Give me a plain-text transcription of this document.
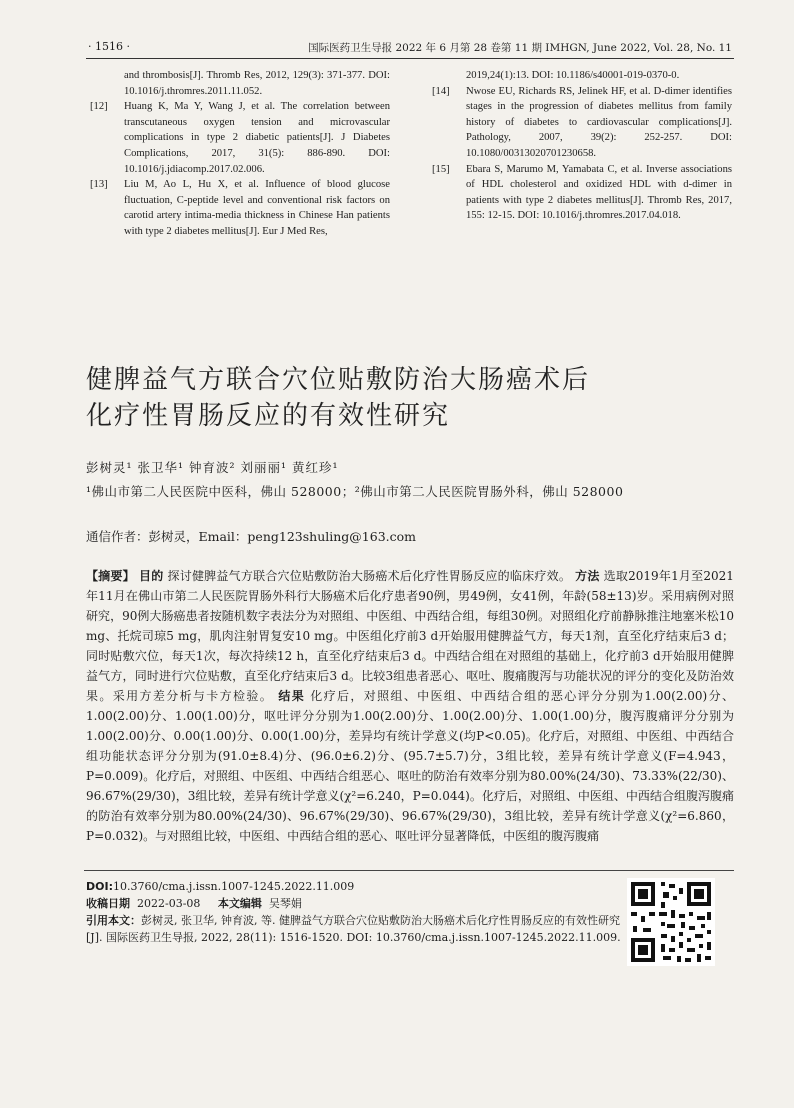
· 1516 ·	国际医药卫生导报 2022 年 6 月第 28 卷第 11 期 IMHGN, June 2022, Vol. 28, No. 11
and thrombosis[J]. Thromb Res, 2012, 129(3): 371-377. DOI: 10.1016/j.thromres.2011.11.052.
[12]	Huang K, Ma Y, Wang J, et al. The correlation between transcutaneous oxygen tension and microvascular complications in type 2 diabetic patients[J]. J Diabetes Complications, 2017, 31(5): 886-890. DOI: 10.1016/j.jdiacomp.2017.02.006.
[13]	Liu M, Ao L, Hu X, et al. Influence of blood glucose fluctuation, C-peptide level and conventional risk factors on carotid artery intima-media thickness in Chinese Han patients with type 2 diabetes mellitus[J]. Eur J Med Res,
2019,24(1):13. DOI: 10.1186/s40001-019-0370-0.
[14]	Nwose EU, Richards RS, Jelinek HF, et al. D-dimer identifies stages in the progression of diabetes mellitus from family history of diabetes to cardiovascular complications[J]. Pathology, 2007, 39(2): 252-257. DOI: 10.1080/00313020701230658.
[15]	Ebara S, Marumo M, Yamabata C, et al. Inverse associations of HDL cholesterol and oxidized HDL with d-dimer in patients with type 2 diabetes mellitus[J]. Thromb Res, 2017, 155: 12-15. DOI: 10.1016/j.thromres.2017.04.018.
健脾益气方联合穴位贴敷防治大肠癌术后
化疗性胃肠反应的有效性研究
彭树灵¹ 张卫华¹ 钟育波² 刘丽丽¹ 黄红珍¹
¹佛山市第二人民医院中医科，佛山 528000；²佛山市第二人民医院胃肠外科，佛山 528000
通信作者：彭树灵，Email：peng123shuling@163.com
【摘要】 目的 探讨健脾益气方联合穴位贴敷防治大肠癌术后化疗性胃肠反应的临床疗效。 方法 选取2019年1月至2021年11月在佛山市第二人民医院胃肠外科行大肠癌术后化疗患者90例，男49例，女41例，年龄(58±13)岁。采用病例对照研究，90例大肠癌患者按随机数字表法分为对照组、中医组、中西结合组，每组30例。对照组化疗前静脉推注地塞米松10 mg、托烷司琼5 mg，肌肉注射胃复安10 mg。中医组化疗前3 d开始服用健脾益气方，每天1剂，直至化疗结束后3 d；同时贴敷穴位，每天1次，每次持续12 h，直至化疗结束后3 d。中西结合组在对照组的基础上，化疗前3 d开始服用健脾益气方，同时进行穴位贴敷，直至化疗结束后3 d。比较3组患者恶心、呕吐、腹痛腹泻与功能状况的评分的变化及防治效果。采用方差分析与卡方检验。 结果 化疗后，对照组、中医组、中西结合组的恶心评分分别为1.00(2.00)分、1.00(2.00)分、1.00(1.00)分，呕吐评分分别为1.00(2.00)分、1.00(2.00)分、1.00(1.00)分，腹泻腹痛评分分别为1.00(2.00)分、0.00(1.00)分、0.00(1.00)分，差异均有统计学意义(均P<0.05)。化疗后，对照组、中医组、中西结合组功能状态评分分别为(91.0±8.4)分、(96.0±6.2)分、(95.7±5.7)分，3组比较，差异有统计学意义(F=4.943，P=0.009)。化疗后，对照组、中医组、中西结合组恶心、呕吐的防治有效率分别为80.00%(24/30)、73.33%(22/30)、96.67%(29/30)，3组比较，差异有统计学意义(χ²=6.240，P=0.044)。化疗后，对照组、中医组、中西结合组腹泻腹痛的防治有效率分别为80.00%(24/30)、96.67%(29/30)、96.67%(29/30)，3组比较，差异有统计学意义(χ²=6.860，P=0.032)。与对照组比较，中医组、中西结合组的恶心、呕吐评分显著降低，中医组的腹泻腹痛
DOI:10.3760/cma.j.issn.1007-1245.2022.11.009
收稿日期 2022-03-08 本文编辑 吴琴娟
引用本文：彭树灵, 张卫华, 钟育波, 等. 健脾益气方联合穴位贴敷防治大肠癌术后化疗性胃肠反应的有效性研究[J]. 国际医药卫生导报, 2022, 28(11): 1516-1520. DOI: 10.3760/cma.j.issn.1007-1245.2022.11.009.
